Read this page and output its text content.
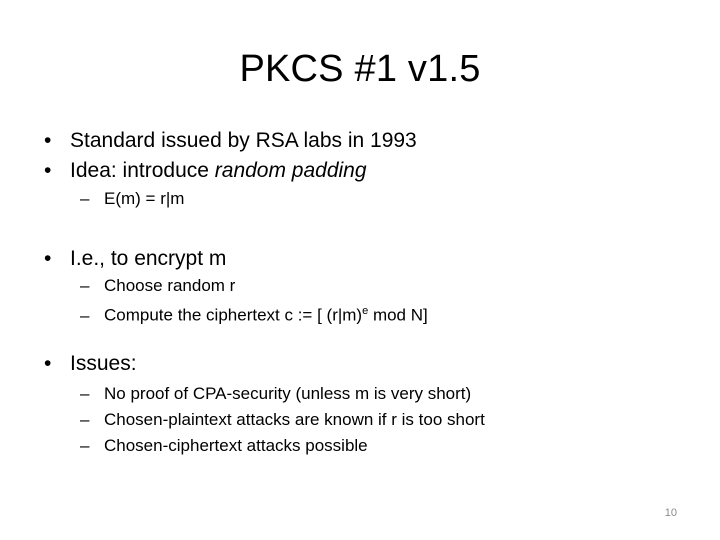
PKCS #1 v1.5
• Standard issued by RSA labs in 1993
• Idea: introduce random padding
– E(m) = r|m
• I.e., to encrypt m
– Choose random r
– Compute the ciphertext c := [ $(r|m)^e$ mod N]
• Issues:
– No proof of CPA-security (unless m is very short)
– Chosen-plaintext attacks are known if r is too short
– Chosen-ciphertext attacks possible
10
